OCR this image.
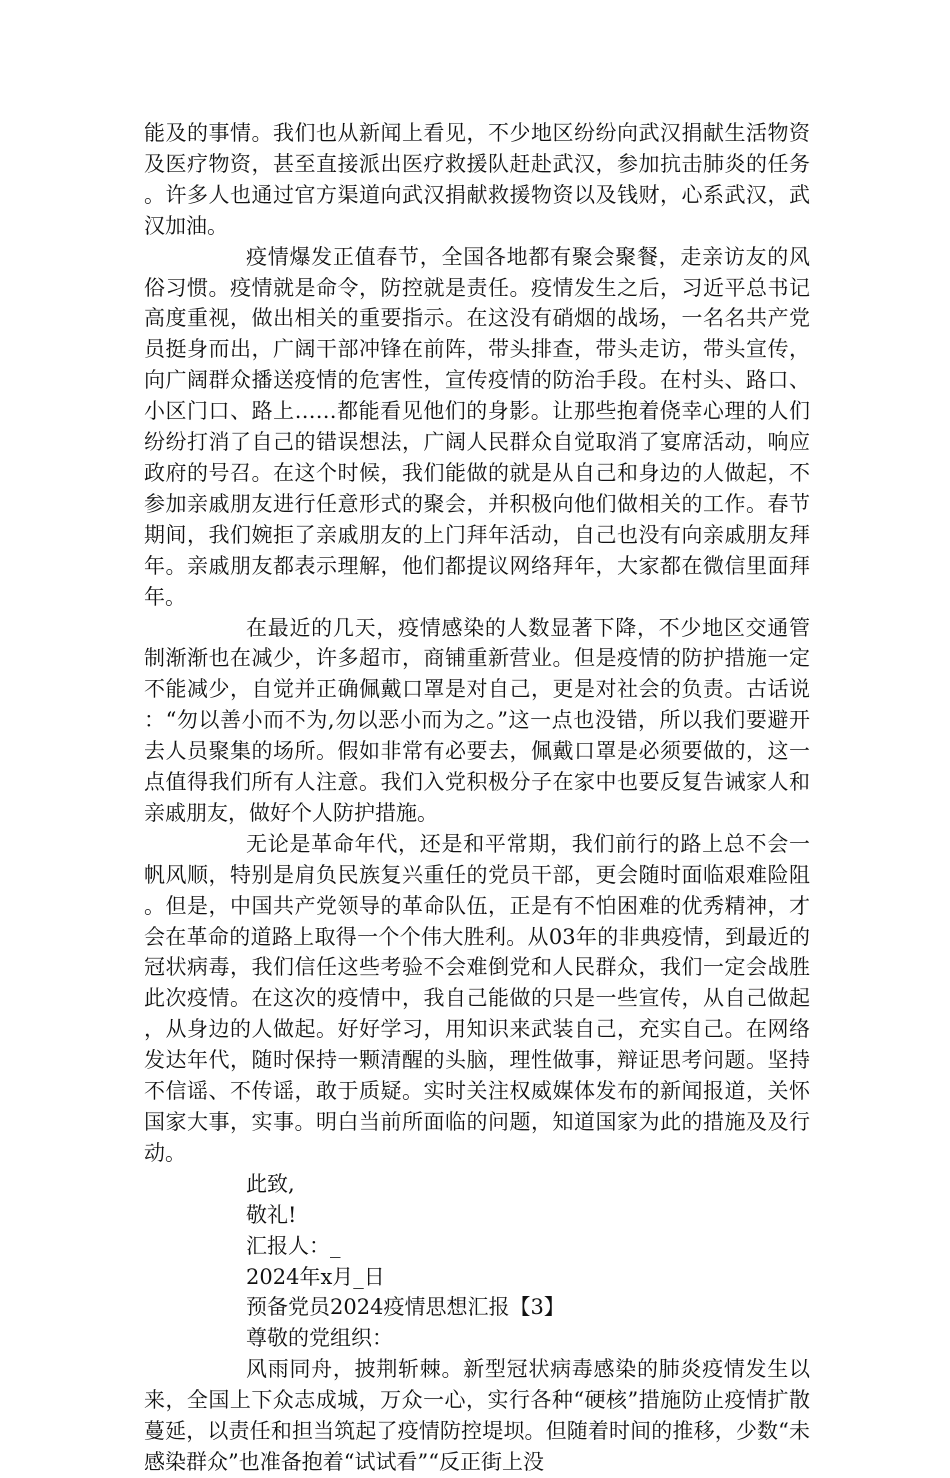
能及的事情。我们也从新闻上看见，不少地区纷纷向武汉捐献生活物资及医疗物资，甚至直接派出医疗救援队赶赴武汉，参加抗击肺炎的任务。许多人也通过官方渠道向武汉捐献救援物资以及钱财，心系武汉，武汉加油。

疫情爆发正值春节，全国各地都有聚会聚餐，走亲访友的风俗习惯。疫情就是命令，防控就是责任。疫情发生之后，习近平总书记高度重视，做出相关的重要指示。在这没有硝烟的战场，一名名共产党员挺身而出，广阔干部冲锋在前阵，带头排查，带头走访，带头宣传，向广阔群众播送疫情的危害性，宣传疫情的防治手段。在村头、路口、小区门口、路上……都能看见他们的身影。让那些抱着侥幸心理的人们纷纷打消了自己的错误想法，广阔人民群众自觉取消了宴席活动，响应政府的号召。在这个时候，我们能做的就是从自己和身边的人做起，不参加亲戚朋友进行任意形式的聚会，并积极向他们做相关的工作。春节期间，我们婉拒了亲戚朋友的上门拜年活动，自己也没有向亲戚朋友拜年。亲戚朋友都表示理解，他们都提议网络拜年，大家都在微信里面拜年。

在最近的几天，疫情感染的人数显著下降，不少地区交通管制渐渐也在减少，许多超市，商铺重新营业。但是疫情的防护措施一定不能减少，自觉并正确佩戴口罩是对自己，更是对社会的负责。古话说：“勿以善小而不为,勿以恶小而为之。”这一点也没错，所以我们要避开去人员聚集的场所。假如非常有必要去，佩戴口罩是必须要做的，这一点值得我们所有人注意。我们入党积极分子在家中也要反复告诫家人和亲戚朋友，做好个人防护措施。

无论是革命年代，还是和平常期，我们前行的路上总不会一帆风顺，特别是肩负民族复兴重任的党员干部，更会随时面临艰难险阻。但是，中国共产党领导的革命队伍，正是有不怕困难的优秀精神，才会在革命的道路上取得一个个伟大胜利。从03年的非典疫情，到最近的冠状病毒，我们信任这些考验不会难倒党和人民群众，我们一定会战胜此次疫情。在这次的疫情中，我自己能做的只是一些宣传，从自己做起，从身边的人做起。好好学习，用知识来武装自己，充实自己。在网络发达年代，随时保持一颗清醒的头脑，理性做事，辩证思考问题。坚持不信谣、不传谣，敢于质疑。实时关注权威媒体发布的新闻报道，关怀国家大事，实事。明白当前所面临的问题，知道国家为此的措施及及行动。

此致,

敬礼!

汇报人：_

2024年x月_日

预备党员2024疫情思想汇报【3】

尊敬的党组织：

风雨同舟，披荆斩棘。新型冠状病毒感染的肺炎疫情发生以来，全国上下众志成城，万众一心，实行各种“硬核”措施防止疫情扩散蔓延，以责任和担当筑起了疫情防控堤坝。但随着时间的推移，少数“未感染群众”也准备抱着“试试看”“反正街上没
